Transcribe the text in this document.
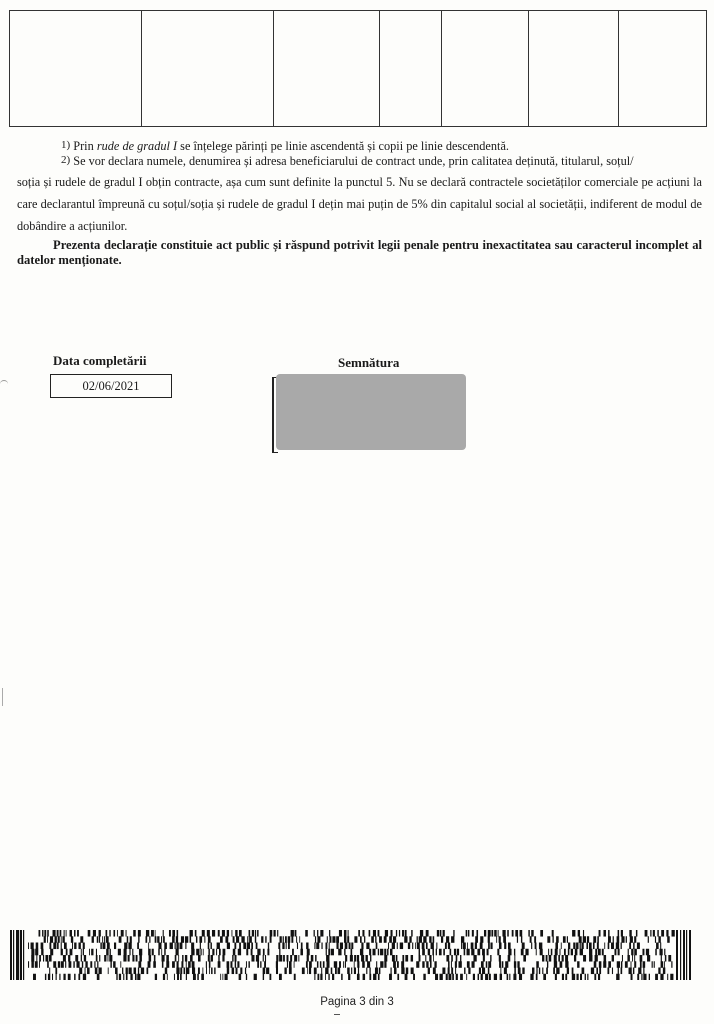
$^{1)}$ Prin rude de gradul I se înțelege părinți pe linie ascendentă și copii pe linie descendentă.

$^{2)}$ Se vor declara numele, denumirea și adresa beneficiarului de contract unde, prin calitatea deținută, titularul, soțul/
soția și rudele de gradul I obțin contracte, așa cum sunt definite la punctul 5. Nu se declară contractele societăților comerciale pe acțiuni la care declarantul împreună cu soțul/soția și rudele de gradul I dețin mai puțin de 5% din capitalul social al societății, indiferent de modul de dobândire a acțiunilor.

Prezenta declarație constituie act public și răspund potrivit legii penale pentru inexactitatea sau caracterul incomplet al datelor menționate.
Data completării
02/06/2021
Semnătura
Pagina 3 din 3
